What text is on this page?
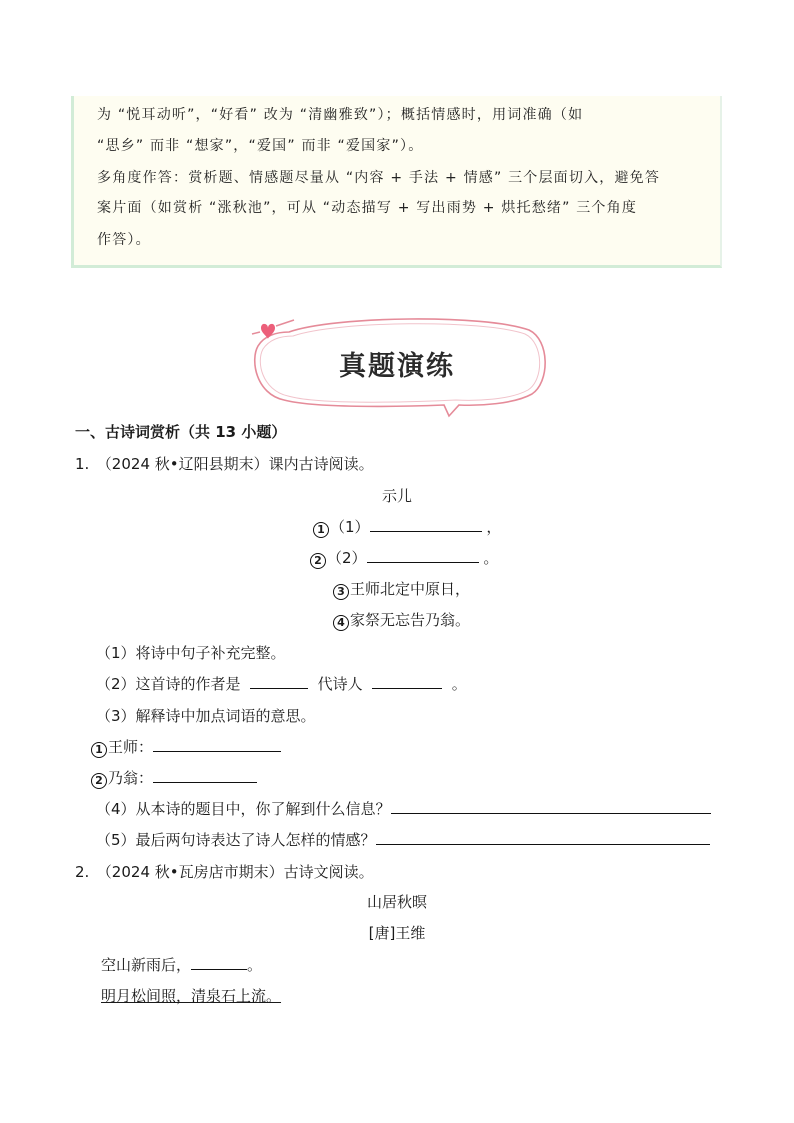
为 “悦耳动听”，“好看” 改为 “清幽雅致”）；概括情感时，用词准确（如
“思乡” 而非 “想家”，“爱国” 而非 “爱国家”）。
多角度作答：赏析题、情感题尽量从 “内容 + 手法 + 情感” 三个层面切入，避免答
案片面（如赏析 “涨秋池”，可从 “动态描写 + 写出雨势 + 烘托愁绪” 三个角度
作答）。
真题演练
一、古诗词赏析（共 13 小题）
1.　（2024 秋•辽阳县期末）课内古诗阅读。
示儿
1 （1）	，
2 （2）	。
3 王师北定中原日，
4 家祭无忘告乃翁。
（1）将诗中句子补充完整。
（2）这首诗的作者是	代诗人	。
（3）解释诗中加点词语的意思。
1 王师：
2 乃翁：
（4）从本诗的题目中，你了解到什么信息？
（5）最后两句诗表达了诗人怎样的情感？
2.　（2024 秋•瓦房店市期末）古诗文阅读。
山居秋暝
[唐]王维
空山新雨后，	。
明月松间照，清泉石上流。
